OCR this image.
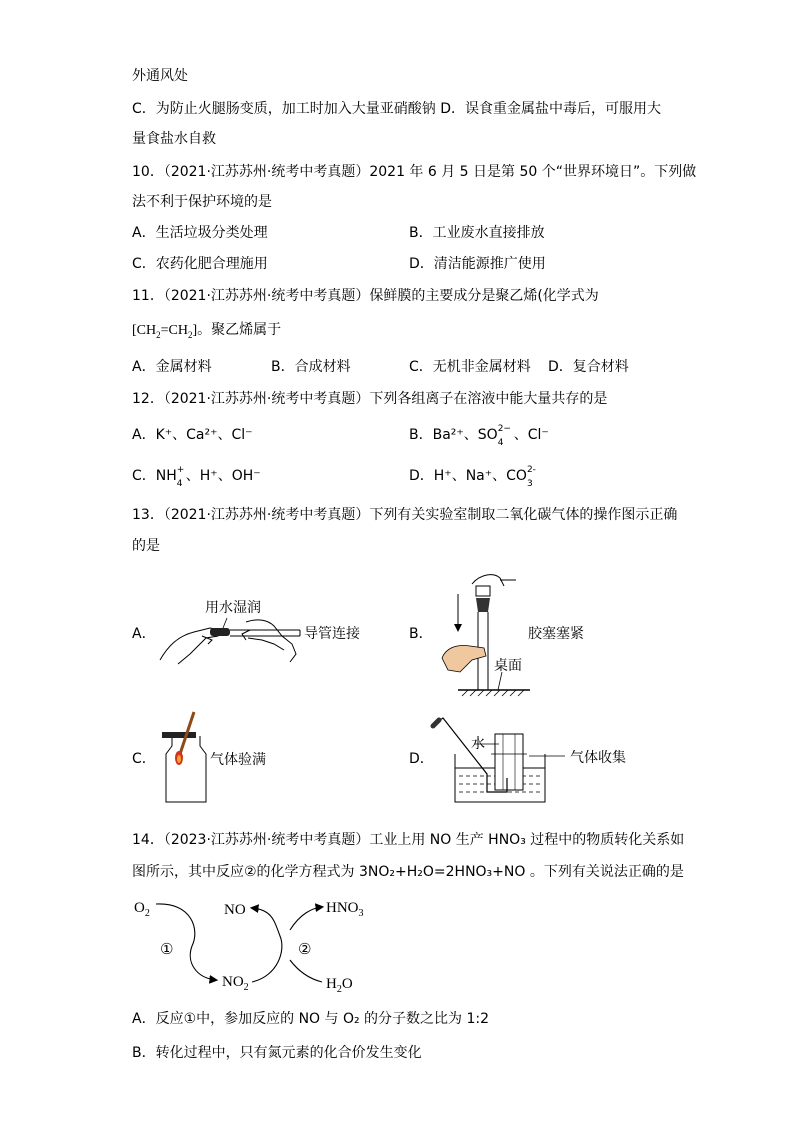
外通风处
C．为防止火腿肠变质，加工时加入大量亚硝酸钠 D．误食重金属盐中毒后，可服用大
量食盐水自救
10．（2021·江苏苏州·统考中考真题）2021 年 6 月 5 日是第 50 个“世界环境日”。下列做
法不利于保护环境的是
A．生活垃圾分类处理	B．工业废水直接排放
C．农药化肥合理施用	D．清洁能源推广使用
11．（2021·江苏苏州·统考中考真题）保鲜膜的主要成分是聚乙烯(化学式为
$[CH_2=CH_2]$。聚乙烯属于
A．金属材料	B．合成材料	C．无机非金属材料 D．复合材料
12．（2021·江苏苏州·统考中考真题）下列各组离子在溶液中能大量共存的是
A．K⁺、Ca²⁺、Cl⁻	B．Ba²⁺、SO 2−
4 、Cl⁻
C．NH +
4 、H⁺、OH⁻	D．H⁺、Na⁺、CO 2-
3
13．（2021·江苏苏州·统考中考真题）下列有关实验室制取二氧化碳气体的操作图示正确
的是
A．	B．
C．	D．
用水湿润
导管连接	胶塞塞紧
桌面
气体验满
水
气体收集
14．（2023·江苏苏州·统考中考真题）工业上用 NO 生产 HNO₃ 过程中的物质转化关系如
图所示，其中反应②的化学方程式为 3NO₂+H₂O=2HNO₃+NO 。下列有关说法正确的是
$O_2$	NO	$HNO_3$
①	②
$NO_2$	$H_2O$
A．反应①中，参加反应的 NO 与 O₂ 的分子数之比为 1:2
B．转化过程中，只有氮元素的化合价发生变化
